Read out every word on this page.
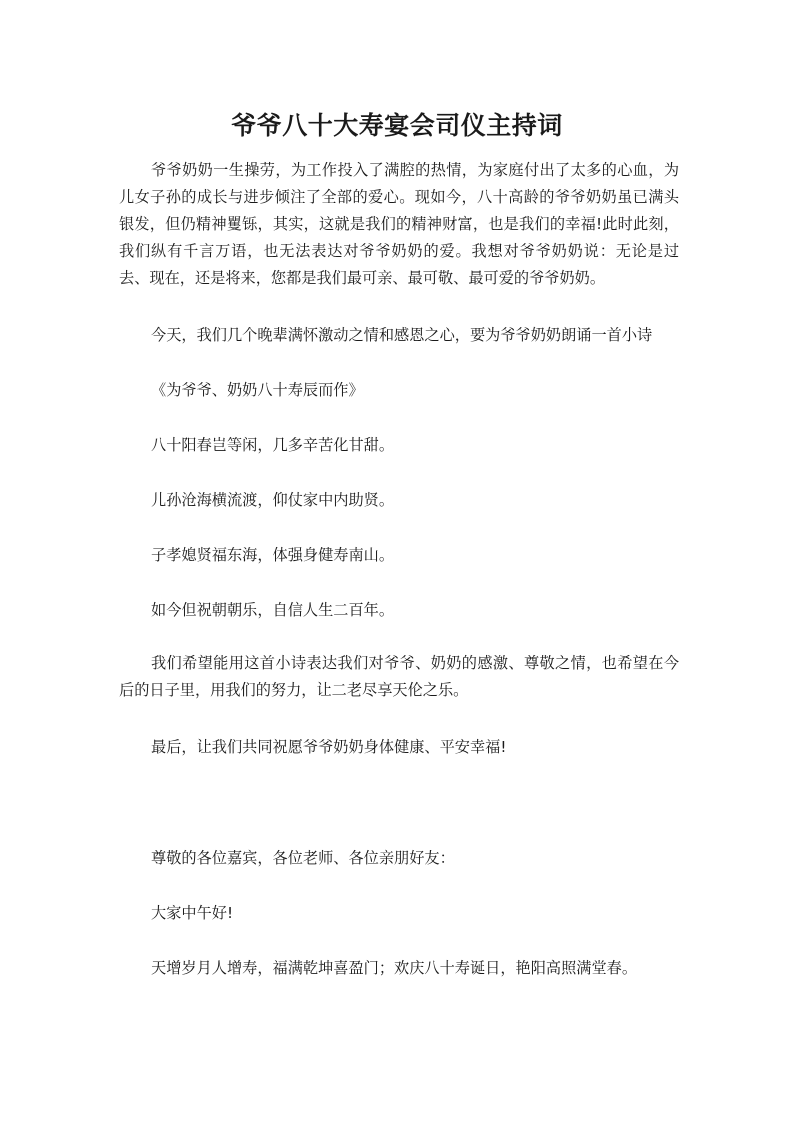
爷爷八十大寿宴会司仪主持词

爷爷奶奶一生操劳，为工作投入了满腔的热情，为家庭付出了太多的心血，为儿女子孙的成长与进步倾注了全部的爱心。现如今，八十高龄的爷爷奶奶虽已满头银发，但仍精神矍铄，其实，这就是我们的精神财富，也是我们的幸福!此时此刻，我们纵有千言万语，也无法表达对爷爷奶奶的爱。我想对爷爷奶奶说：无论是过去、现在，还是将来，您都是我们最可亲、最可敬、最可爱的爷爷奶奶。

今天，我们几个晚辈满怀激动之情和感恩之心，要为爷爷奶奶朗诵一首小诗

《为爷爷、奶奶八十寿辰而作》

八十阳春岂等闲，几多辛苦化甘甜。

儿孙沧海横流渡，仰仗家中内助贤。

子孝媳贤福东海，体强身健寿南山。

如今但祝朝朝乐，自信人生二百年。

我们希望能用这首小诗表达我们对爷爷、奶奶的感激、尊敬之情，也希望在今后的日子里，用我们的努力，让二老尽享天伦之乐。

最后，让我们共同祝愿爷爷奶奶身体健康、平安幸福!

尊敬的各位嘉宾，各位老师、各位亲朋好友：

大家中午好!

天增岁月人增寿，福满乾坤喜盈门；欢庆八十寿诞日，艳阳高照满堂春。
